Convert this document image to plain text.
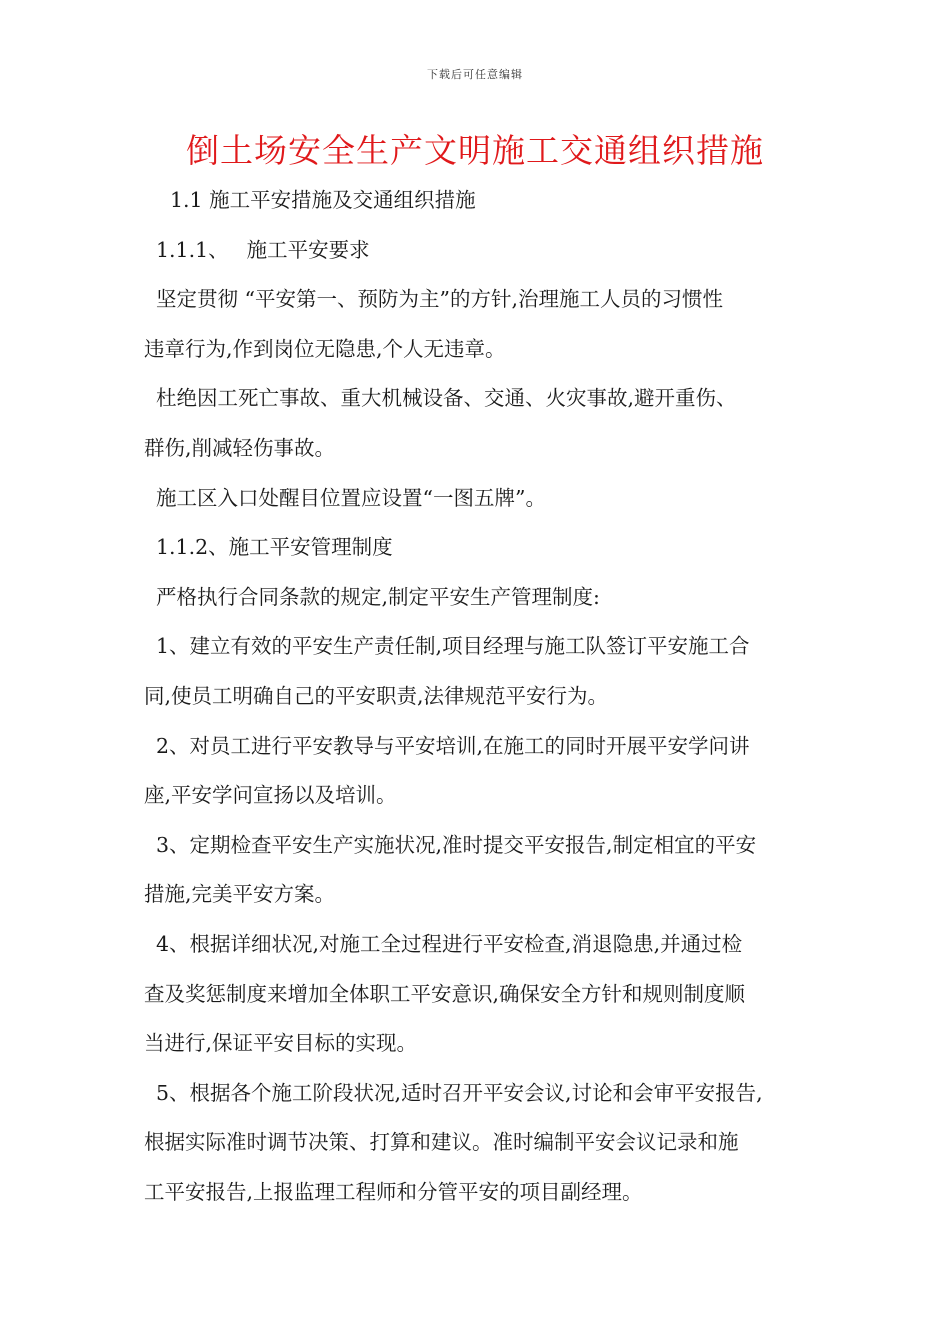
下载后可任意编辑
倒土场安全生产文明施工交通组织措施

1.1 施工平安措施及交通组织措施

1.1.1、 施工平安要求

坚定贯彻 “平安第一、预防为主”的方针,治理施工人员的习惯性

违章行为,作到岗位无隐患,个人无违章。

杜绝因工死亡事故、重大机械设备、交通、火灾事故,避开重伤、

群伤,削减轻伤事故。

施工区入口处醒目位置应设置“一图五牌”。

1.1.2、施工平安管理制度

严格执行合同条款的规定,制定平安生产管理制度:

1、建立有效的平安生产责任制,项目经理与施工队签订平安施工合

同,使员工明确自己的平安职责,法律规范平安行为。

2、对员工进行平安教导与平安培训,在施工的同时开展平安学问讲

座,平安学问宣扬以及培训。

3、定期检查平安生产实施状况,准时提交平安报告,制定相宜的平安

措施,完美平安方案。

4、根据详细状况,对施工全过程进行平安检查,消退隐患,并通过检

查及奖惩制度来增加全体职工平安意识,确保安全方针和规则制度顺

当进行,保证平安目标的实现。

5、根据各个施工阶段状况,适时召开平安会议,讨论和会审平安报告,

根据实际准时调节决策、打算和建议。准时编制平安会议记录和施

工平安报告,上报监理工程师和分管平安的项目副经理。
